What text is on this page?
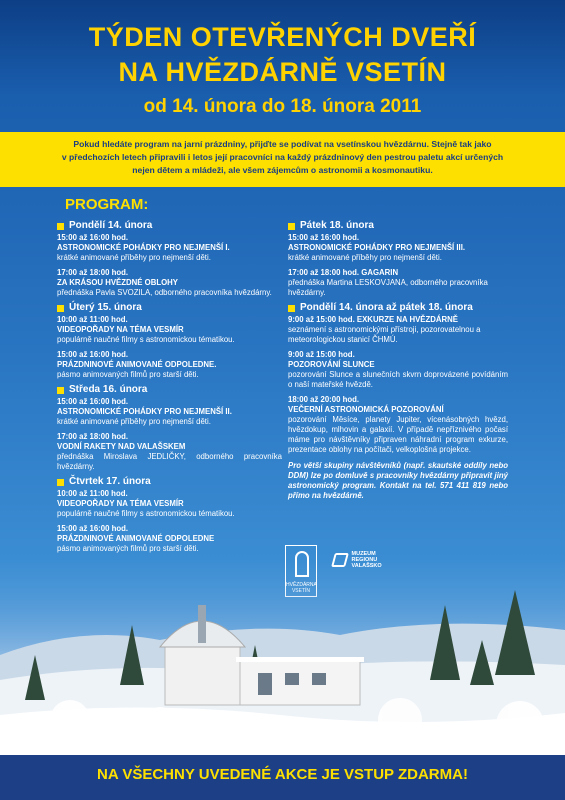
TÝDEN OTEVŘENÝCH DVEŘÍ
NA HVĚZDÁRNĚ VSETÍN
od 14. února do 18. února 2011
Pokud hledáte program na jarní prázdniny, přijďte se podívat na vsetínskou hvězdárnu. Stejně tak jako
v předchozích letech připravili i letos její pracovníci na každý prázdninový den pestrou paletu akcí určených
nejen dětem a mládeži, ale všem zájemcům o astronomii a kosmonautiku.
PROGRAM:
Pondělí 14. února
15:00 až 16:00 hod.
ASTRONOMICKÉ POHÁDKY PRO NEJMENŠÍ I.
krátké animované příběhy pro nejmenší děti.
17:00 až 18:00 hod.
ZA KRÁSOU HVĚZDNÉ OBLOHY
přednáška Pavla SVOZILA, odborného pracovníka hvězdárny.
Úterý 15. února
10:00 až 11:00 hod.
VIDEOPOŘADY NA TÉMA VESMÍR
populárně naučné filmy s astronomickou tématikou.
15:00 až 16:00 hod.
PRÁZDNINOVÉ ANIMOVANÉ ODPOLEDNE.
pásmo animovaných filmů pro starší děti.
Středa 16. února
15:00 až 16:00 hod.
ASTRONOMICKÉ POHÁDKY PRO NEJMENŠÍ II.
krátké animované příběhy pro nejmenší děti.
17:00 až 18:00 hod.
VODNÍ RAKETY NAD VALAŠSKEM
přednáška Miroslava JEDLIČKY, odborného pracovníka hvězdárny.
Čtvrtek 17. února
10:00 až 11:00 hod.
VIDEOPOŘADY NA TÉMA VESMÍR
populárně naučné filmy s astronomickou tématikou.
15:00 až 16:00 hod.
PRÁZDNINOVÉ ANIMOVANÉ ODPOLEDNE
pásmo animovaných filmů pro starší děti.
Pátek 18. února
15:00 až 16:00 hod.
ASTRONOMICKÉ POHÁDKY PRO NEJMENŠÍ III.
krátké animované příběhy pro nejmenší děti.
17:00 až 18:00 hod. GAGARIN
přednáška Martina LESKOVJANA, odborného pracovníka hvězdárny.
Pondělí 14. února až pátek 18. února
9:00 až 15:00 hod. EXKURZE NA HVĚZDÁRNĚ
seznámení s astronomickými přístroji, pozorovatelnou a meteorologickou stanicí ČHMÚ.
9:00 až 15:00 hod.
POZOROVÁNÍ SLUNCE
pozorování Slunce a slunečních skvrn doprovázené povídáním o naší mateřské hvězdě.
18:00 až 20:00 hod.
VEČERNÍ ASTRONOMICKÁ POZOROVÁNÍ
pozorování Měsíce, planety Jupiter, vícenásobných hvězd, hvězdokup, mlhovin a galaxií. V případě nepříznivého počasí máme pro návštěvníky připraven náhradní program exkurze, prezentace oblohy na počítači, velkoplošná projekce.
Pro větší skupiny návštěvníků (např. skautské oddíly nebo DDM) lze po domluvě s pracovníky hvězdárny připravit jiný astronomický program. Kontakt na tel. 571 411 819 nebo přímo na hvězdárně.
MUZEUM
REGIONU
VALAŠSKO
NA VŠECHNY UVEDENÉ AKCE JE VSTUP ZDARMA!
